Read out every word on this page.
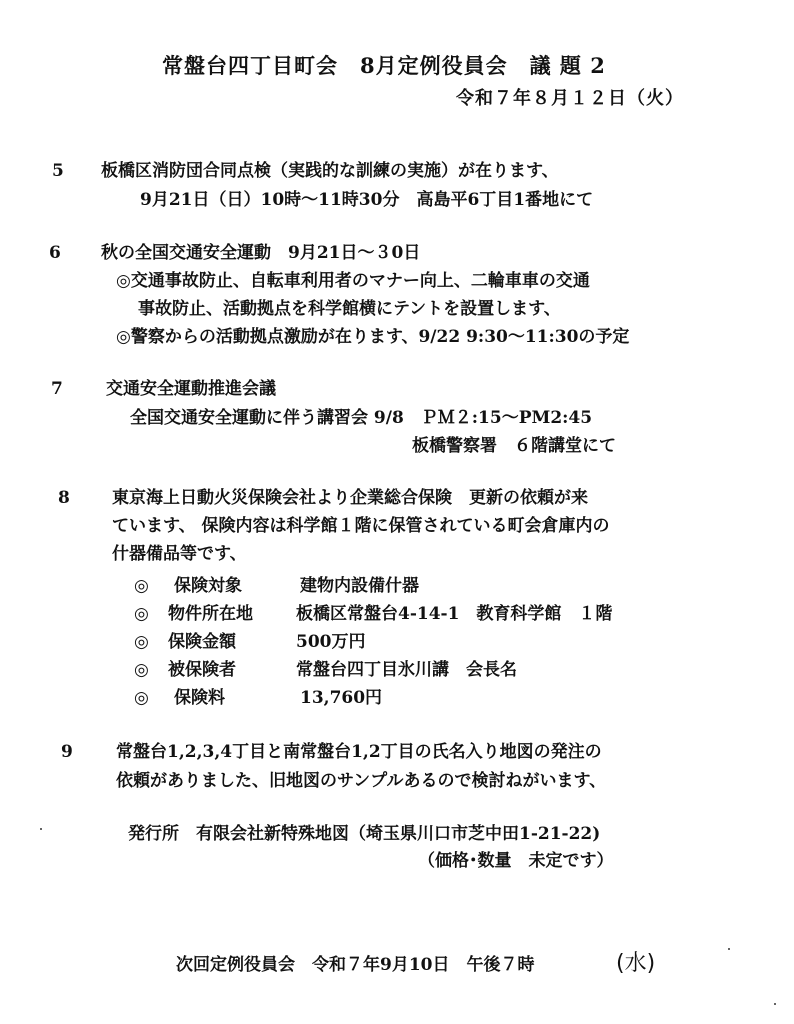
常盤台四丁目町会　8月定例役員会　議 題 2
令和７年８月１２日（火）
5 板橋区消防団合同点検（実践的な訓練の実施）が在ります、
9月21日（日）10時～11時30分　高島平6丁目1番地にて
6 秋の全国交通安全運動　9月21日～３0日
◎交通事故防止、自転車利用者のマナー向上、二輪車車の交通
事故防止、活動拠点を科学館横にテントを設置します、
◎警察からの活動拠点激励が在ります、9/22 9:30～11:30の予定
7	交通安全運動推進会議
全国交通安全運動に伴う講習会 9/8　ＰＭ２:15～PM2:45
板橋警察署　６階講堂にて
8 東京海上日動火災保険会社より企業総合保険　更新の依頼が来
ています、 保険内容は科学館１階に保管されている町会倉庫内の
什器備品等です、
◎ 保険対象	建物内設備什器
◎ 物件所在地	板橋区常盤台4-14-1　教育科学館　１階
◎ 保険金額	500万円
◎ 被保険者	常盤台四丁目氷川講　会長名
◎ 保険料	13,760円
9	常盤台1,2,3,4丁目と南常盤台1,2丁目の氏名入り地図の発注の
依頼がありました、旧地図のサンプルあるので検討ねがいます、
発行所　有限会社新特殊地図（埼玉県川口市芝中田1-21-22)
（価格･数量　未定です）
次回定例役員会　令和７年9月10日　午後７時	(水)
